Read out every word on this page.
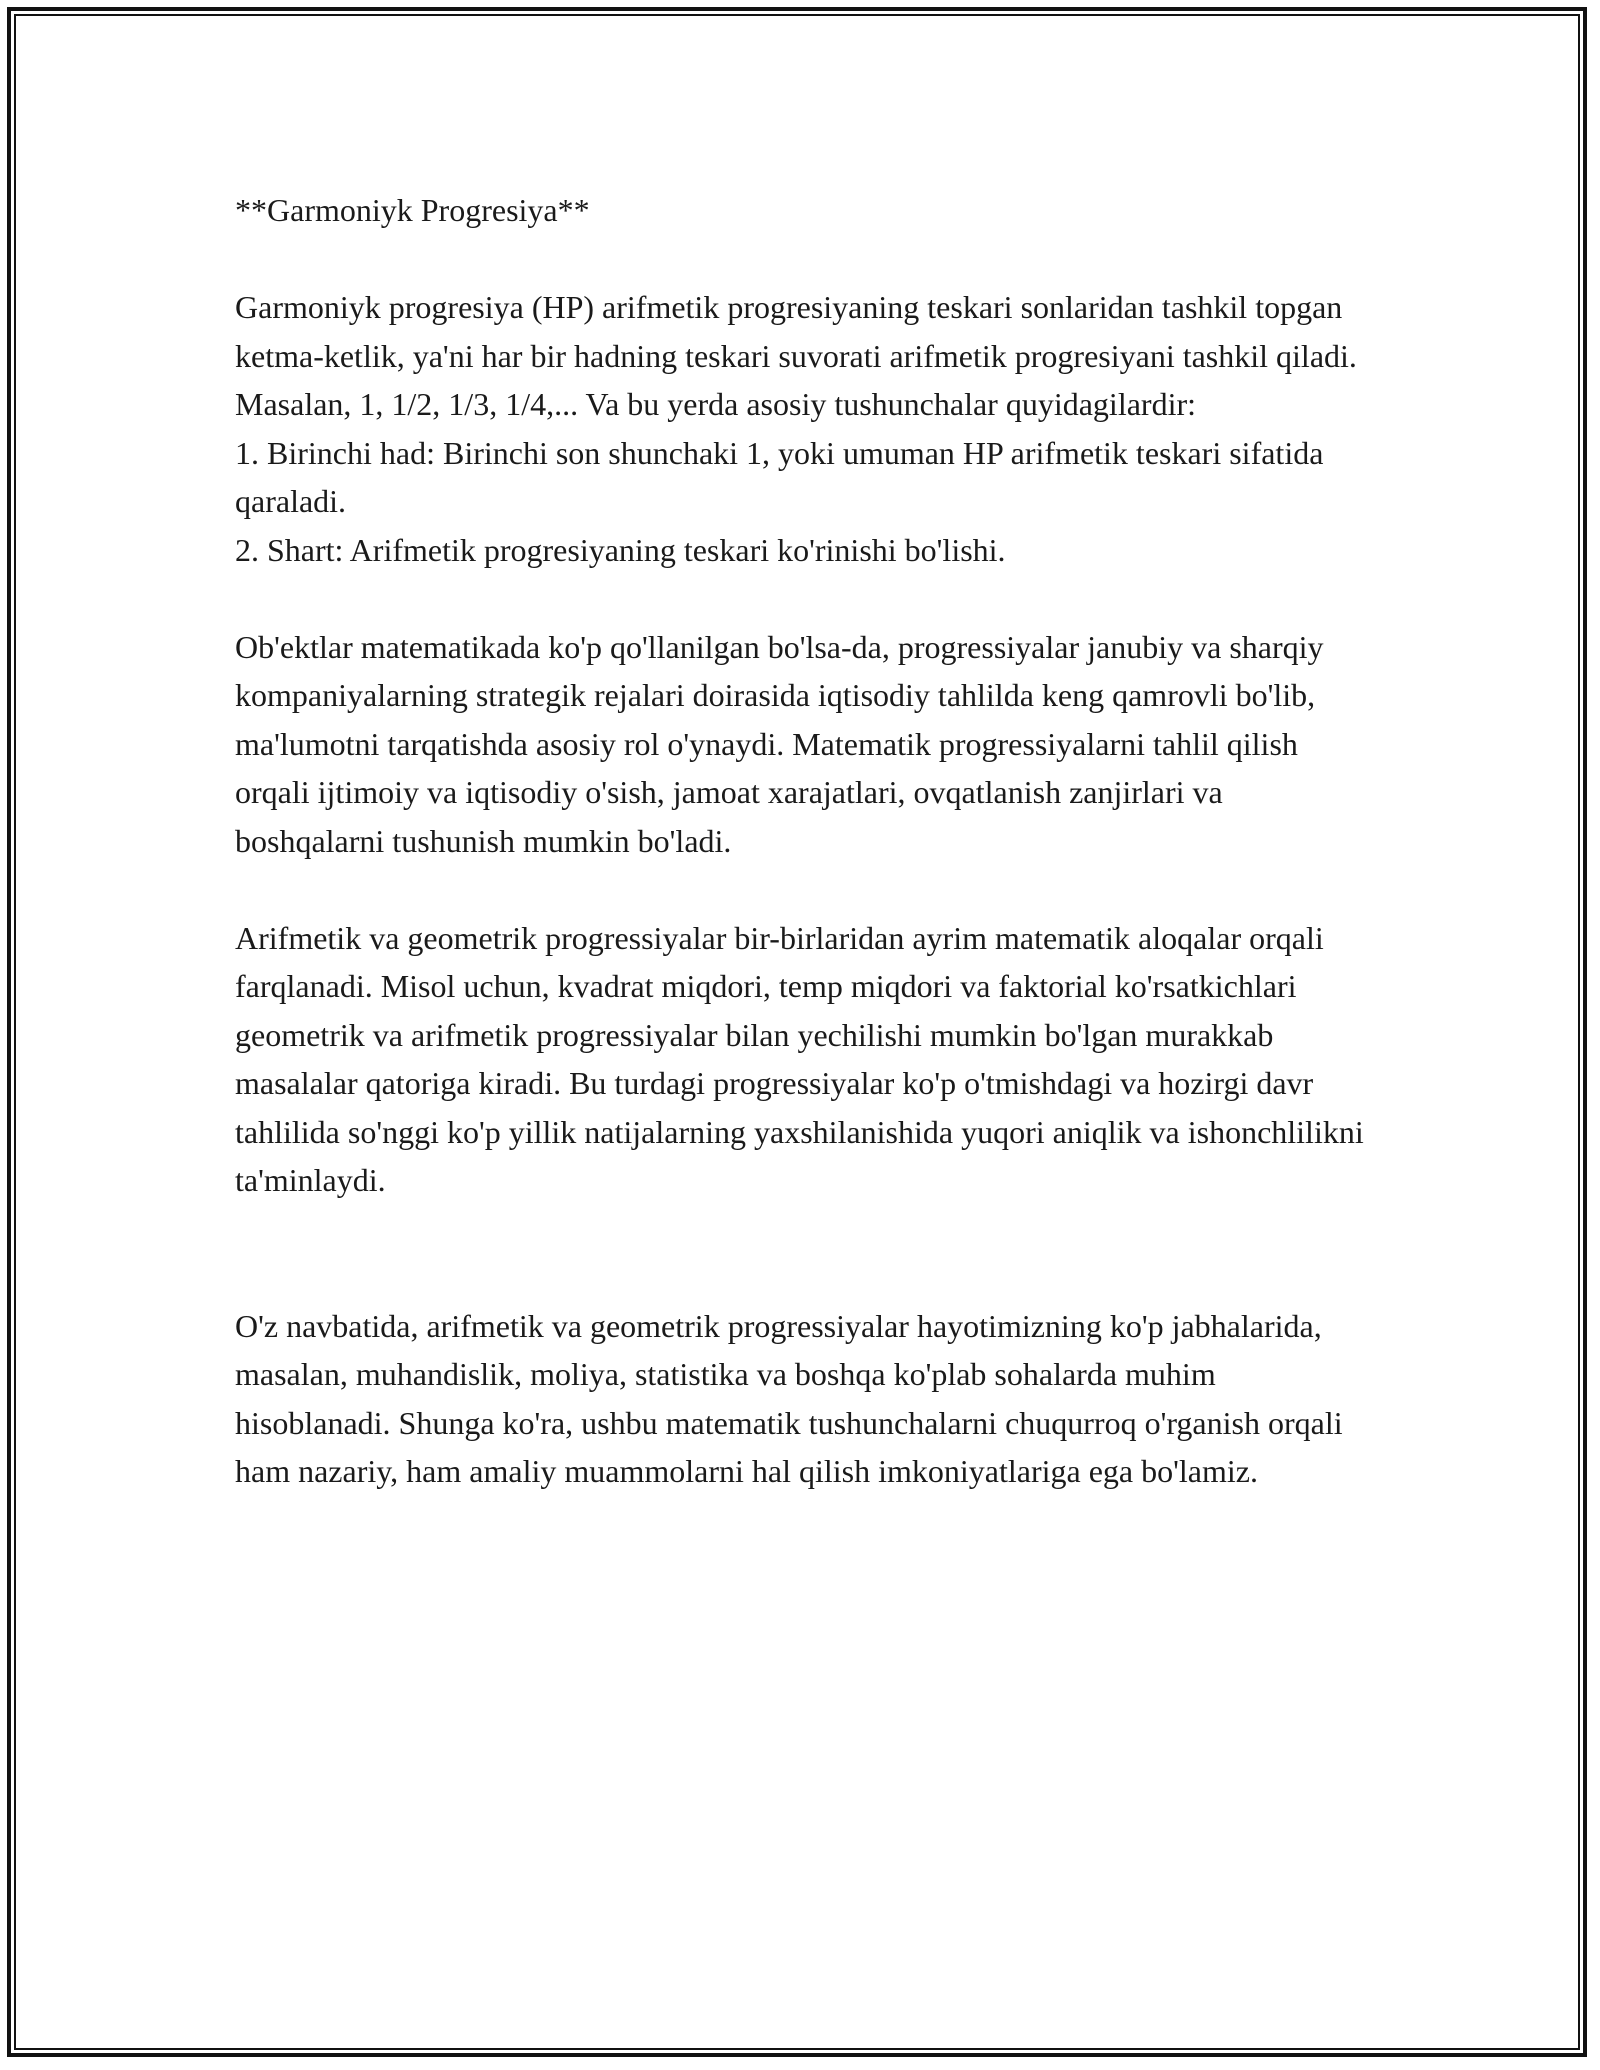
**Garmoniyk Progresiya**

Garmoniyk progresiya (HP) arifmetik progresiyaning teskari sonlaridan tashkil topgan ketma-ketlik, ya'ni har bir hadning teskari suvorati arifmetik progresiyani tashkil qiladi. Masalan, 1, 1/2, 1/3, 1/4,... Va bu yerda asosiy tushunchalar quyidagilardir:

1. Birinchi had: Birinchi son shunchaki 1, yoki umuman HP arifmetik teskari sifatida qaraladi.

2. Shart: Arifmetik progresiyaning teskari ko'rinishi bo'lishi.

Ob'ektlar matematikada ko'p qo'llanilgan bo'lsa-da, progressiyalar janubiy va sharqiy kompaniyalarning strategik rejalari doirasida iqtisodiy tahlilda keng qamrovli bo'lib, ma'lumotni tarqatishda asosiy rol o'ynaydi. Matematik progressiyalarni tahlil qilish orqali ijtimoiy va iqtisodiy o'sish, jamoat xarajatlari, ovqatlanish zanjirlari va boshqalarni tushunish mumkin bo'ladi.

Arifmetik va geometrik progressiyalar bir-birlaridan ayrim matematik aloqalar orqali farqlanadi. Misol uchun, kvadrat miqdori, temp miqdori va faktorial ko'rsatkichlari geometrik va arifmetik progressiyalar bilan yechilishi mumkin bo'lgan murakkab masalalar qatoriga kiradi. Bu turdagi progressiyalar ko'p o'tmishdagi va hozirgi davr tahlilida so'nggi ko'p yillik natijalarning yaxshilanishida yuqori aniqlik va ishonchlilikni ta'minlaydi.

O'z navbatida, arifmetik va geometrik progressiyalar hayotimizning ko'p jabhalarida, masalan, muhandislik, moliya, statistika va boshqa ko'plab sohalarda muhim hisoblanadi. Shunga ko'ra, ushbu matematik tushunchalarni chuqurroq o'rganish orqali ham nazariy, ham amaliy muammolarni hal qilish imkoniyatlariga ega bo'lamiz.
